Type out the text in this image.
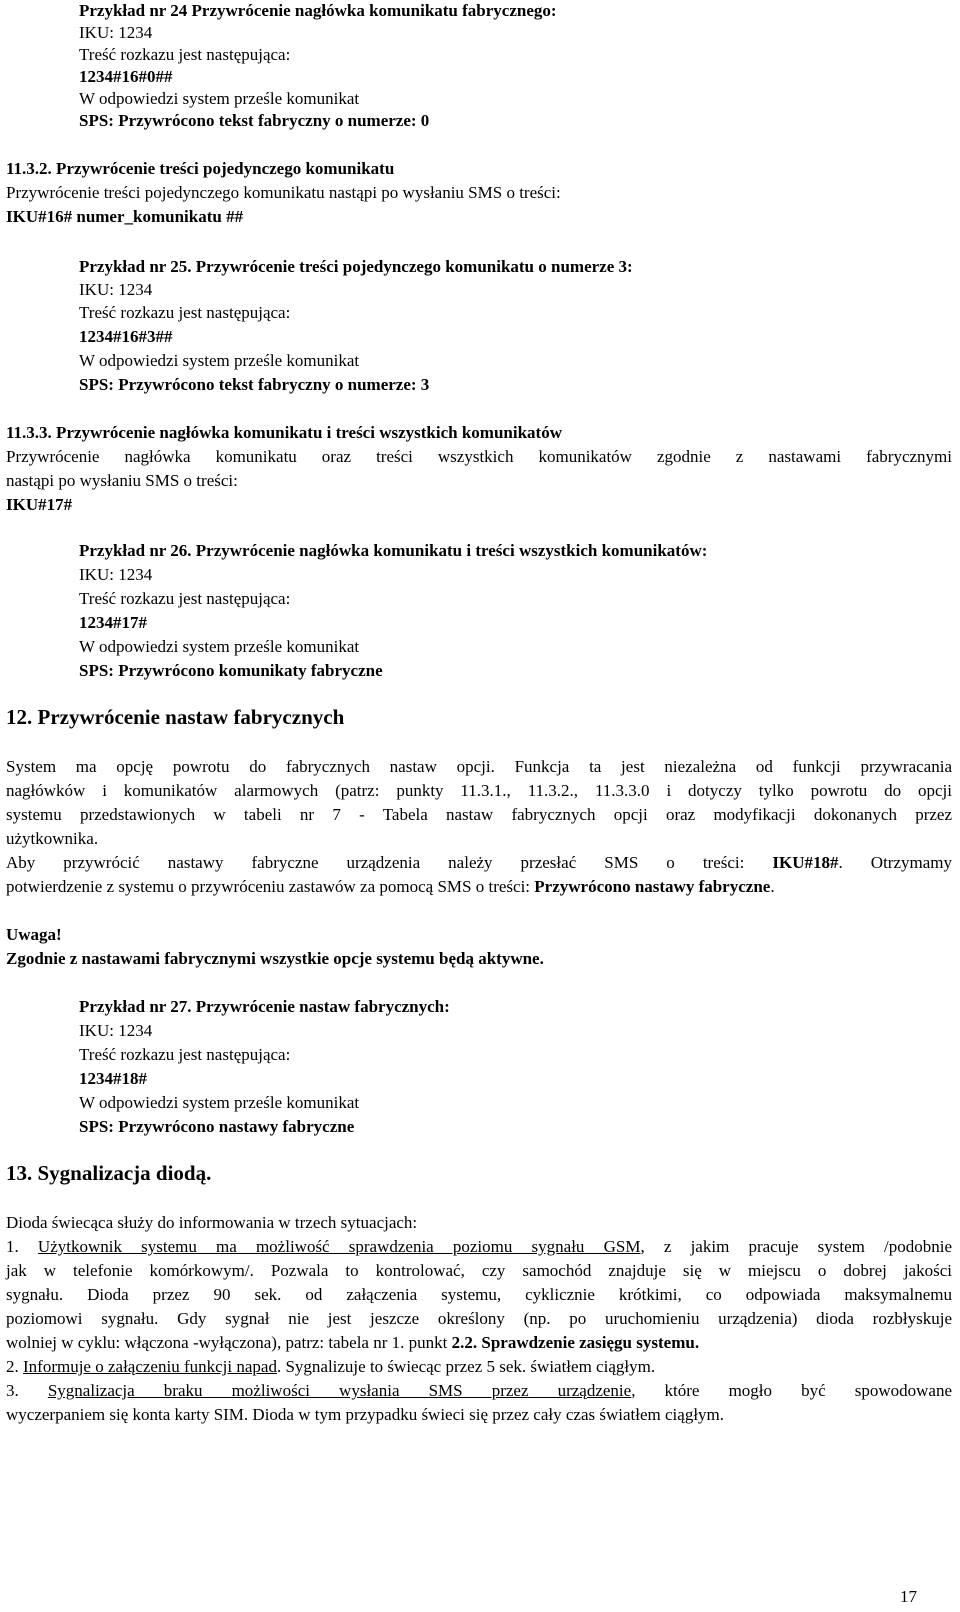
Przykład nr 24 Przywrócenie nagłówka komunikatu fabrycznego:
IKU: 1234
Treść rozkazu jest następująca:
1234#16#0##
W odpowiedzi system prześle komunikat
SPS: Przywrócono tekst fabryczny o numerze: 0
11.3.2. Przywrócenie treści pojedynczego komunikatu
Przywrócenie treści pojedynczego komunikatu nastąpi po wysłaniu SMS o treści:
IKU#16# numer_komunikatu ##
Przykład nr 25. Przywrócenie treści pojedynczego komunikatu o numerze 3:
IKU: 1234
Treść rozkazu jest następująca:
1234#16#3##
W odpowiedzi system prześle komunikat
SPS: Przywrócono tekst fabryczny o numerze: 3
11.3.3. Przywrócenie nagłówka komunikatu i treści wszystkich komunikatów
Przywrócenie nagłówka komunikatu oraz treści wszystkich komunikatów zgodnie z nastawami fabrycznymi
nastąpi po wysłaniu SMS o treści:
IKU#17#
Przykład nr 26. Przywrócenie nagłówka komunikatu i treści wszystkich komunikatów:
IKU: 1234
Treść rozkazu jest następująca:
1234#17#
W odpowiedzi system prześle komunikat
SPS: Przywrócono komunikaty fabryczne
12. Przywrócenie nastaw fabrycznych
System ma opcję powrotu do fabrycznych nastaw opcji. Funkcja ta jest niezależna od funkcji przywracania
nagłówków i komunikatów alarmowych (patrz: punkty 11.3.1., 11.3.2., 11.3.3.0 i dotyczy tylko powrotu do opcji
systemu przedstawionych w tabeli nr 7 - Tabela nastaw fabrycznych opcji oraz modyfikacji dokonanych przez
użytkownika.
Aby przywrócić nastawy fabryczne urządzenia należy przesłać SMS o treści: IKU#18#. Otrzymamy
potwierdzenie z systemu o przywróceniu zastawów za pomocą SMS o treści: Przywrócono nastawy fabryczne.
Uwaga!
Zgodnie z nastawami fabrycznymi wszystkie opcje systemu będą aktywne.
Przykład nr 27. Przywrócenie nastaw fabrycznych:
IKU: 1234
Treść rozkazu jest następująca:
1234#18#
W odpowiedzi system prześle komunikat
SPS: Przywrócono nastawy fabryczne
13. Sygnalizacja diodą.
Dioda świecąca służy do informowania w trzech sytuacjach:
1. Użytkownik systemu ma możliwość sprawdzenia poziomu sygnału GSM, z jakim pracuje system /podobnie
jak w telefonie komórkowym/. Pozwala to kontrolować, czy samochód znajduje się w miejscu o dobrej jakości
sygnału. Dioda przez 90 sek. od załączenia systemu, cyklicznie krótkimi, co odpowiada maksymalnemu
poziomowi sygnału. Gdy sygnał nie jest jeszcze określony (np. po uruchomieniu urządzenia) dioda rozbłyskuje
wolniej w cyklu: włączona -wyłączona), patrz: tabela nr 1. punkt 2.2. Sprawdzenie zasięgu systemu.
2. Informuje o załączeniu funkcji napad. Sygnalizuje to świecąc przez 5 sek. światłem ciągłym.
3. Sygnalizacja braku możliwości wysłania SMS przez urządzenie, które mogło być spowodowane
wyczerpaniem się konta karty SIM. Dioda w tym przypadku świeci się przez cały czas światłem ciągłym.
17
